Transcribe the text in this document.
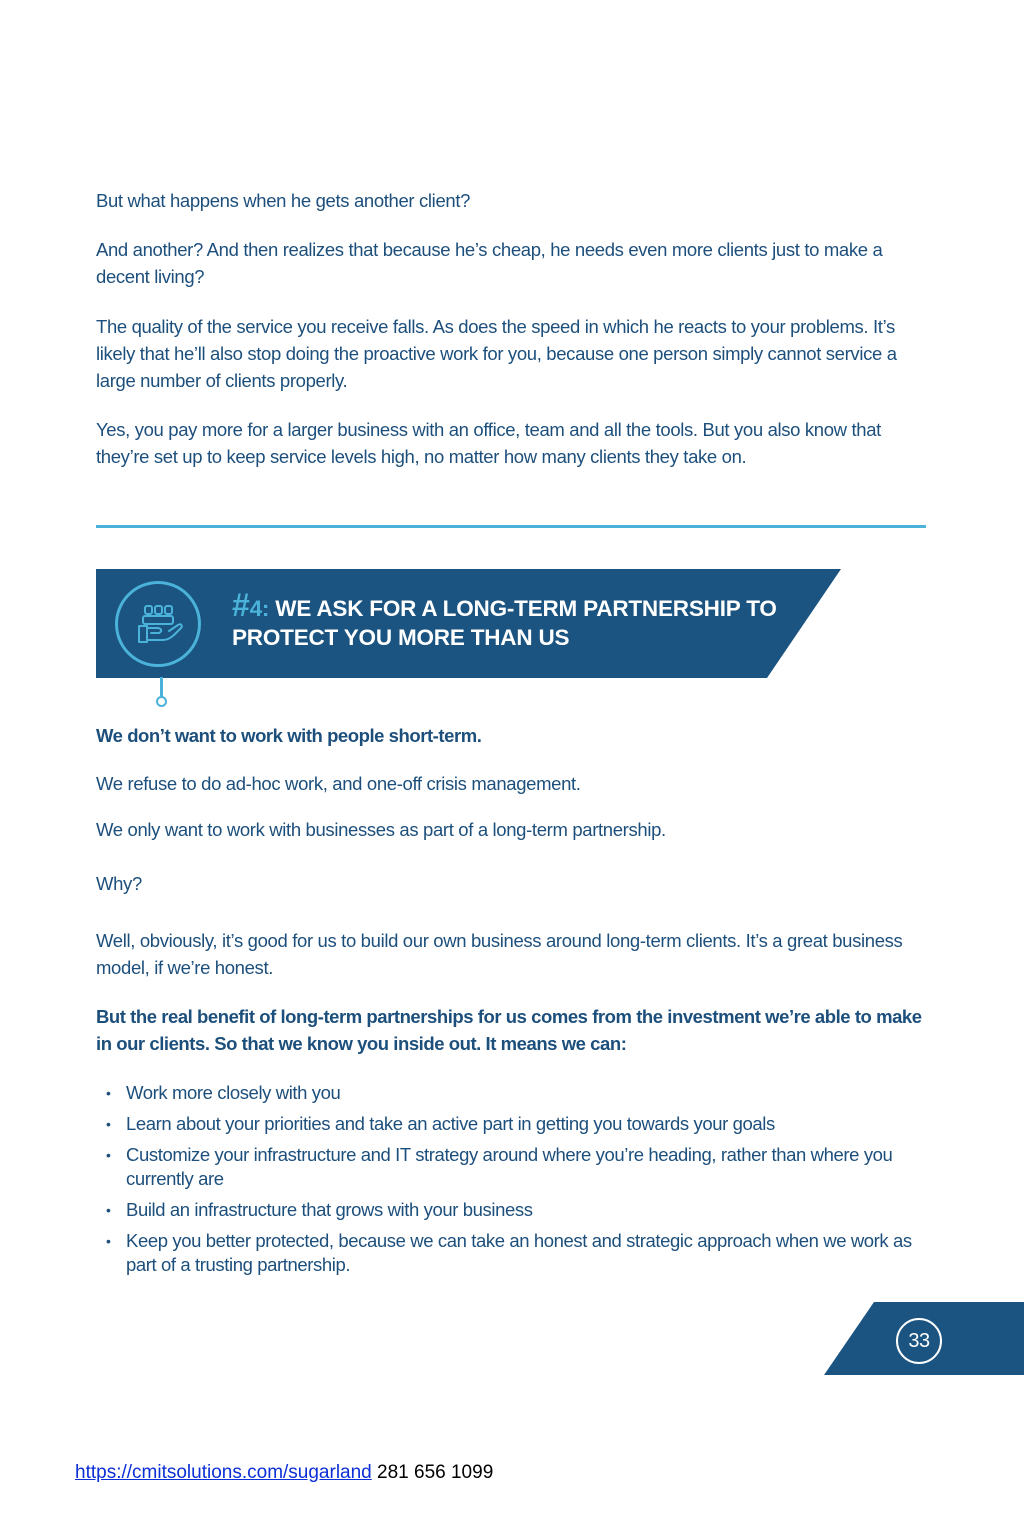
But what happens when he gets another client?

And another? And then realizes that because he’s cheap, he needs even more clients just to make a decent living?

The quality of the service you receive falls. As does the speed in which he reacts to your problems. It’s likely that he’ll also stop doing the proactive work for you, because one person simply cannot service a large number of clients properly.

Yes, you pay more for a larger business with an office, team and all the tools. But you also know that they’re set up to keep service levels high, no matter how many clients they take on.

#4: WE ASK FOR A LONG-TERM PARTNERSHIP TO PROTECT YOU MORE THAN US

We don’t want to work with people short-term.

We refuse to do ad-hoc work, and one-off crisis management.

We only want to work with businesses as part of a long-term partnership.

Why?

Well, obviously, it’s good for us to build our own business around long-term clients. It’s a great business model, if we’re honest.

But the real benefit of long-term partnerships for us comes from the investment we’re able to make in our clients. So that we know you inside out. It means we can:

• Work more closely with you
• Learn about your priorities and take an active part in getting you towards your goals
• Customize your infrastructure and IT strategy around where you’re heading, rather than where you currently are
• Build an infrastructure that grows with your business
• Keep you better protected, because we can take an honest and strategic approach when we work as part of a trusting partnership.
33
https://cmitsolutions.com/sugarland 281 656 1099
